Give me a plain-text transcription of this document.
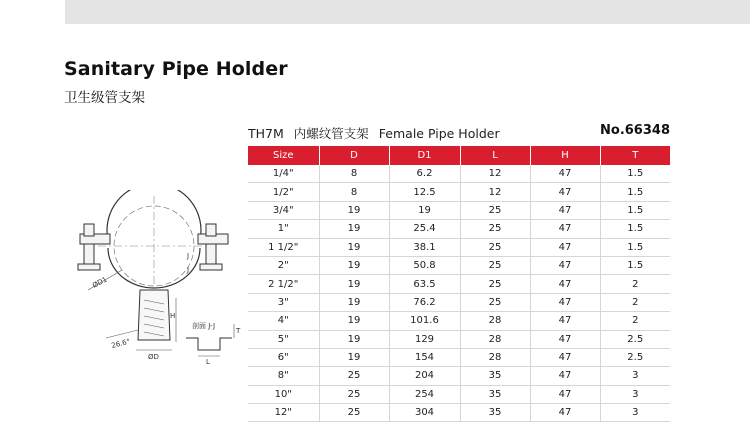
Sanitary Pipe Holder
卫生级管支架
TH7M 内螺纹管支架 Female Pipe Holder	No.66348
J
J
ØD1
H
剖面 J-J
T
26.6°
ØD
L
Size	D	D1	L	H	T
1/4"	8	6.2	12	47	1.5
1/2"	8	12.5	12	47	1.5
3/4"	19	19	25	47	1.5
1"	19	25.4	25	47	1.5
1 1/2"	19	38.1	25	47	1.5
2"	19	50.8	25	47	1.5
2 1/2"	19	63.5	25	47	2
3"	19	76.2	25	47	2
4"	19	101.6	28	47	2
5"	19	129	28	47	2.5
6"	19	154	28	47	2.5
8"	25	204	35	47	3
10"	25	254	35	47	3
12"	25	304	35	47	3
